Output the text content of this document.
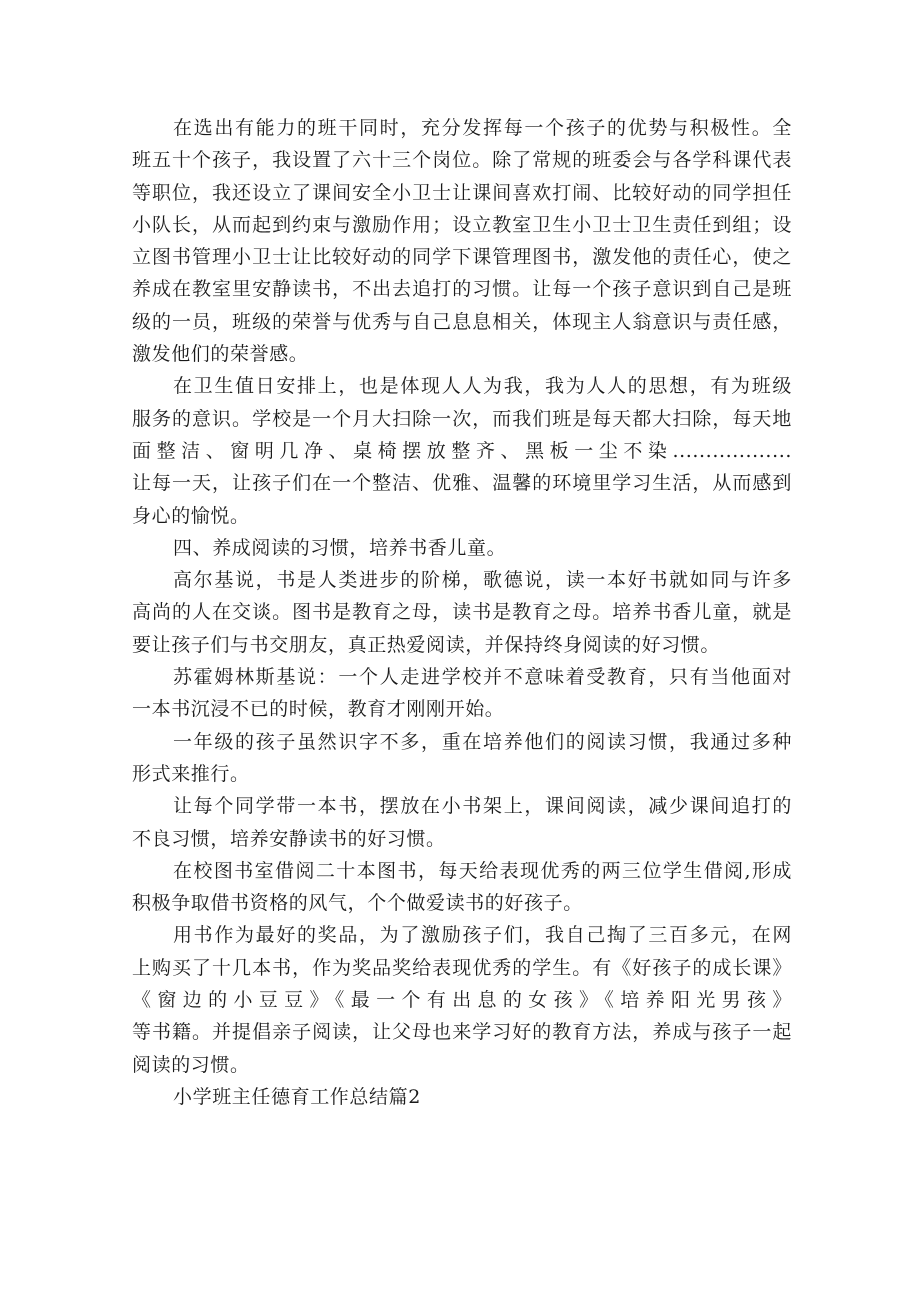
在选出有能力的班干同时，充分发挥每一个孩子的优势与积极性。全
班五十个孩子，我设置了六十三个岗位。除了常规的班委会与各学科课代表
等职位，我还设立了课间安全小卫士让课间喜欢打闹、比较好动的同学担任
小队长，从而起到约束与激励作用；设立教室卫生小卫士卫生责任到组；设
立图书管理小卫士让比较好动的同学下课管理图书，激发他的责任心，使之
养成在教室里安静读书，不出去追打的习惯。让每一个孩子意识到自己是班
级的一员，班级的荣誉与优秀与自己息息相关，体现主人翁意识与责任感，
激发他们的荣誉感。

在卫生值日安排上，也是体现人人为我，我为人人的思想，有为班级
服务的意识。学校是一个月大扫除一次，而我们班是每天都大扫除，每天地
面整洁、窗明几净、桌椅摆放整齐、黑板一尘不染..................
让每一天，让孩子们在一个整洁、优雅、温馨的环境里学习生活，从而感到
身心的愉悦。

四、养成阅读的习惯，培养书香儿童。

高尔基说，书是人类进步的阶梯，歌德说，读一本好书就如同与许多
高尚的人在交谈。图书是教育之母，读书是教育之母。培养书香儿童，就是
要让孩子们与书交朋友，真正热爱阅读，并保持终身阅读的好习惯。

苏霍姆林斯基说：一个人走进学校并不意味着受教育，只有当他面对
一本书沉浸不已的时候，教育才刚刚开始。

一年级的孩子虽然识字不多，重在培养他们的阅读习惯，我通过多种
形式来推行。

让每个同学带一本书，摆放在小书架上，课间阅读，减少课间追打的
不良习惯，培养安静读书的好习惯。

在校图书室借阅二十本图书，每天给表现优秀的两三位学生借阅,形成
积极争取借书资格的风气，个个做爱读书的好孩子。

用书作为最好的奖品，为了激励孩子们，我自己掏了三百多元，在网
上购买了十几本书，作为奖品奖给表现优秀的学生。有《好孩子的成长课》
《窗边的小豆豆》《最一个有出息的女孩》《培养阳光男孩》
等书籍。并提倡亲子阅读，让父母也来学习好的教育方法，养成与孩子一起
阅读的习惯。

小学班主任德育工作总结篇2
